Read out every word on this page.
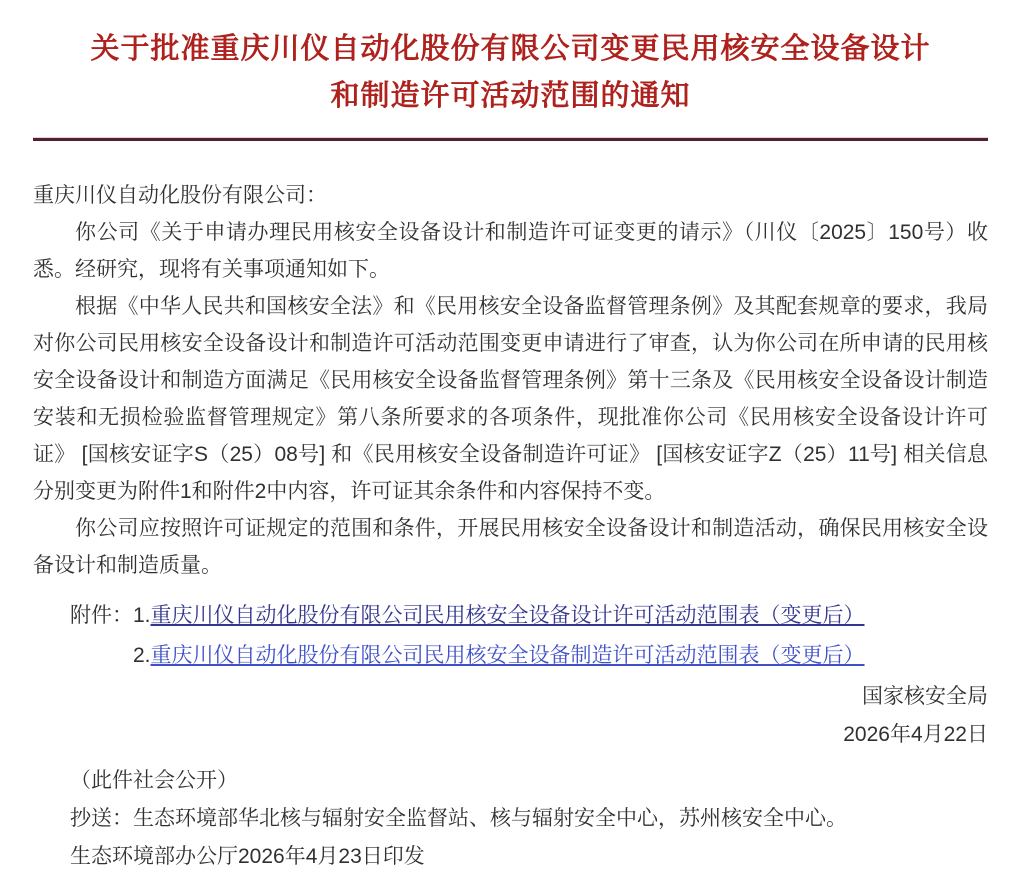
关于批准重庆川仪自动化股份有限公司变更民用核安全设备设计
和制造许可活动范围的通知

重庆川仪自动化股份有限公司：

你公司《关于申请办理民用核安全设备设计和制造许可证变更的请示》（川仪〔2025〕150号）收悉。经研究，现将有关事项通知如下。

根据《中华人民共和国核安全法》和《民用核安全设备监督管理条例》及其配套规章的要求，我局对你公司民用核安全设备设计和制造许可活动范围变更申请进行了审查，认为你公司在所申请的民用核安全设备设计和制造方面满足《民用核安全设备监督管理条例》第十三条及《民用核安全设备设计制造安装和无损检验监督管理规定》第八条所要求的各项条件，现批准你公司《民用核安全设备设计许可证》 [国核安证字S（25）08号] 和《民用核安全设备制造许可证》 [国核安证字Z（25）11号] 相关信息分别变更为附件1和附件2中内容，许可证其余条件和内容保持不变。

你公司应按照许可证规定的范围和条件，开展民用核安全设备设计和制造活动，确保民用核安全设备设计和制造质量。

附件： 1.重庆川仪自动化股份有限公司民用核安全设备设计许可活动范围表（变更后）
2.重庆川仪自动化股份有限公司民用核安全设备制造许可活动范围表（变更后）
国家核安全局
2026年4月22日

（此件社会公开）

抄送：生态环境部华北核与辐射安全监督站、核与辐射安全中心，苏州核安全中心。

生态环境部办公厅2026年4月23日印发
